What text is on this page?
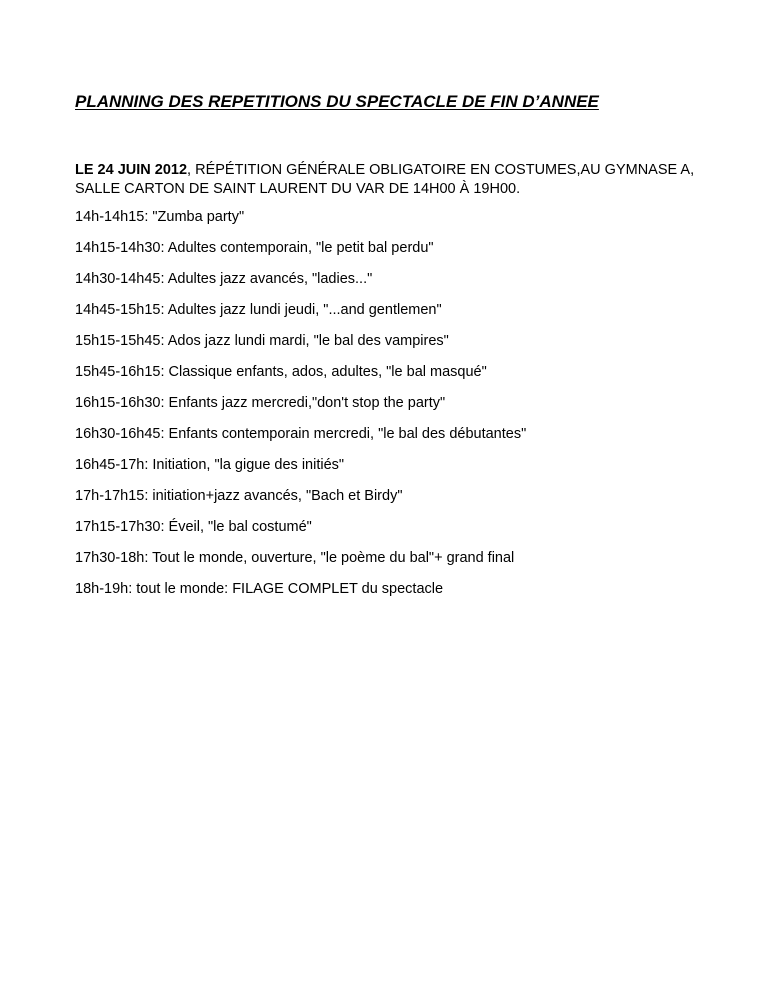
PLANNING DES REPETITIONS DU SPECTACLE DE FIN D’ANNEE

LE 24 JUIN 2012, RÉPÉTITION GÉNÉRALE OBLIGATOIRE EN COSTUMES,AU GYMNASE A, SALLE CARTON DE SAINT LAURENT DU VAR DE 14H00 À 19H00.

14h-14h15: "Zumba party"
14h15-14h30: Adultes contemporain, "le petit bal perdu"
14h30-14h45: Adultes jazz avancés, "ladies..."
14h45-15h15: Adultes jazz lundi jeudi, "...and gentlemen"
15h15-15h45: Ados jazz lundi mardi, "le bal des vampires"
15h45-16h15: Classique enfants, ados, adultes, "le bal masqué"
16h15-16h30: Enfants jazz mercredi,"don't stop the party"
16h30-16h45: Enfants contemporain mercredi, "le bal des débutantes"
16h45-17h: Initiation, "la gigue des initiés"
17h-17h15: initiation+jazz avancés, "Bach et Birdy"
17h15-17h30: Éveil, "le bal costumé"
17h30-18h: Tout le monde, ouverture, "le poème du bal"+ grand final
18h-19h: tout le monde: FILAGE COMPLET du spectacle
